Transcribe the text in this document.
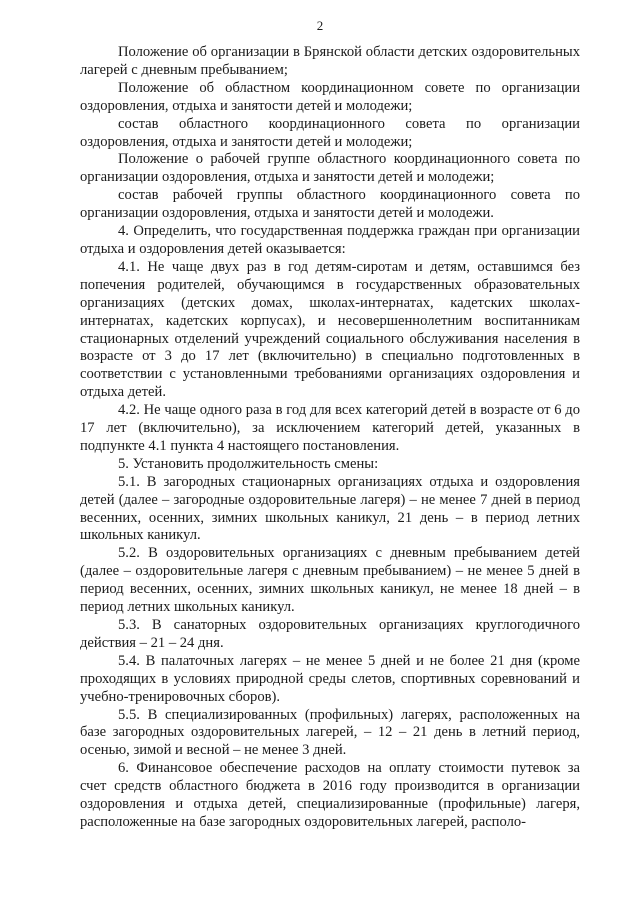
2

Положение об организации в Брянской области детских оздоровительных лагерей с дневным пребыванием;

Положение об областном координационном совете по организации оздоровления, отдыха и занятости детей и молодежи;

состав областного координационного совета по организации оздоровления, отдыха и занятости детей и молодежи;

Положение о рабочей группе областного координационного совета по организации оздоровления, отдыха и занятости детей и молодежи;

состав рабочей группы областного координационного совета по организации оздоровления, отдыха и занятости детей и молодежи.

4. Определить, что государственная поддержка граждан при организации отдыха и оздоровления детей оказывается:

4.1. Не чаще двух раз в год детям-сиротам и детям, оставшимся без попечения родителей, обучающимся в государственных образовательных организациях (детских домах, школах-интернатах, кадетских школах-интернатах, кадетских корпусах), и несовершеннолетним воспитанникам стационарных отделений учреждений социального обслуживания населения в возрасте от 3 до 17 лет (включительно) в специально подготовленных в соответствии с установленными требованиями организациях оздоровления и отдыха детей.

4.2. Не чаще одного раза в год для всех категорий детей в возрасте от 6 до 17 лет (включительно), за исключением категорий детей, указанных в подпункте 4.1 пункта 4 настоящего постановления.

5. Установить продолжительность смены:

5.1. В загородных стационарных организациях отдыха и оздоровления детей (далее – загородные оздоровительные лагеря) – не менее 7 дней в период весенних, осенних, зимних школьных каникул, 21 день – в период летних школьных каникул.

5.2. В оздоровительных организациях с дневным пребыванием детей (далее – оздоровительные лагеря с дневным пребыванием) – не менее 5 дней в период весенних, осенних, зимних школьных каникул, не менее 18 дней – в период летних школьных каникул.

5.3. В санаторных оздоровительных организациях круглогодичного действия – 21 – 24 дня.

5.4. В палаточных лагерях – не менее 5 дней и не более 21 дня (кроме проходящих в условиях природной среды слетов, спортивных соревнований и учебно-тренировочных сборов).

5.5. В специализированных (профильных) лагерях, расположенных на базе загородных оздоровительных лагерей, – 12 – 21 день в летний период, осенью, зимой и весной – не менее 3 дней.

6. Финансовое обеспечение расходов на оплату стоимости путевок за счет средств областного бюджета в 2016 году производится в организации оздоровления и отдыха детей, специализированные (профильные) лагеря, расположенные на базе загородных оздоровительных лагерей, располо-
